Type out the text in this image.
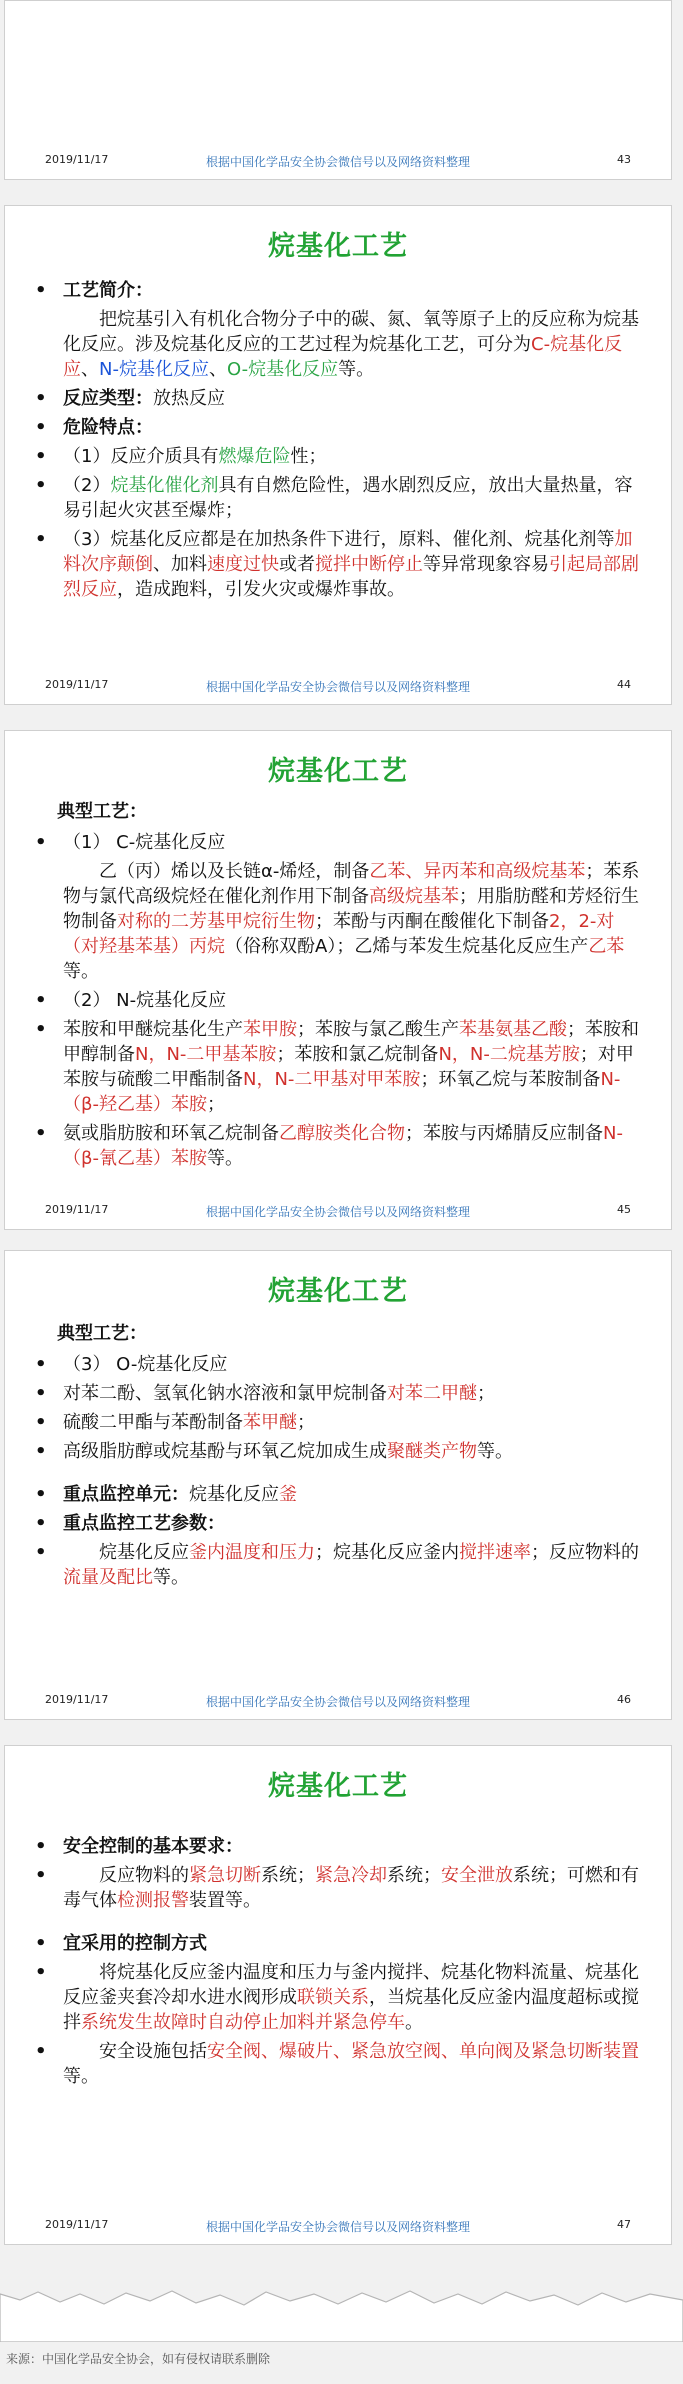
2019/11/17	根据中国化学品安全协会微信号以及网络资料整理	43
烷基化工艺
• 工艺简介：
把烷基引入有机化合物分子中的碳、氮、氧等原子上的反应称为烷基化反应。涉及烷基化反应的工艺过程为烷基化工艺，可分为C-烷基化反应、N-烷基化反应、O-烷基化反应等。
• 反应类型：放热反应
• 危险特点：
• （1）反应介质具有燃爆危险性；
• （2）烷基化催化剂具有自燃危险性，遇水剧烈反应，放出大量热量，容易引起火灾甚至爆炸；
• （3）烷基化反应都是在加热条件下进行，原料、催化剂、烷基化剂等加料次序颠倒、加料速度过快或者搅拌中断停止等异常现象容易引起局部剧烈反应，造成跑料，引发火灾或爆炸事故。
2019/11/17	根据中国化学品安全协会微信号以及网络资料整理	44
烷基化工艺
典型工艺：
• （1） C-烷基化反应
乙（丙）烯以及长链α-烯烃，制备乙苯、异丙苯和高级烷基苯；苯系物与氯代高级烷烃在催化剂作用下制备高级烷基苯；用脂肪醛和芳烃衍生物制备对称的二芳基甲烷衍生物；苯酚与丙酮在酸催化下制备2，2-对（对羟基苯基）丙烷（俗称双酚A）；乙烯与苯发生烷基化反应生产乙苯等。
• （2） N-烷基化反应
• 苯胺和甲醚烷基化生产苯甲胺；苯胺与氯乙酸生产苯基氨基乙酸；苯胺和甲醇制备N，N-二甲基苯胺；苯胺和氯乙烷制备N，N-二烷基芳胺；对甲苯胺与硫酸二甲酯制备N，N-二甲基对甲苯胺；环氧乙烷与苯胺制备N-（β-羟乙基）苯胺；
• 氨或脂肪胺和环氧乙烷制备乙醇胺类化合物；苯胺与丙烯腈反应制备N-（β-氰乙基）苯胺等。
2019/11/17	根据中国化学品安全协会微信号以及网络资料整理	45
烷基化工艺
典型工艺：
• （3） O-烷基化反应
• 对苯二酚、氢氧化钠水溶液和氯甲烷制备对苯二甲醚；
• 硫酸二甲酯与苯酚制备苯甲醚；
• 高级脂肪醇或烷基酚与环氧乙烷加成生成聚醚类产物等。
• 重点监控单元：烷基化反应釜
• 重点监控工艺参数：
•	烷基化反应釜内温度和压力；烷基化反应釜内搅拌速率；反应物料的流量及配比等。
2019/11/17	根据中国化学品安全协会微信号以及网络资料整理	46
烷基化工艺
• 安全控制的基本要求：
•	反应物料的紧急切断系统；紧急冷却系统；安全泄放系统；可燃和有毒气体检测报警装置等。
• 宜采用的控制方式
•	将烷基化反应釜内温度和压力与釜内搅拌、烷基化物料流量、烷基化反应釜夹套冷却水进水阀形成联锁关系，当烷基化反应釜内温度超标或搅拌系统发生故障时自动停止加料并紧急停车。
•	安全设施包括安全阀、爆破片、紧急放空阀、单向阀及紧急切断装置等。
2019/11/17	根据中国化学品安全协会微信号以及网络资料整理	47
来源：中国化学品安全协会，如有侵权请联系删除
